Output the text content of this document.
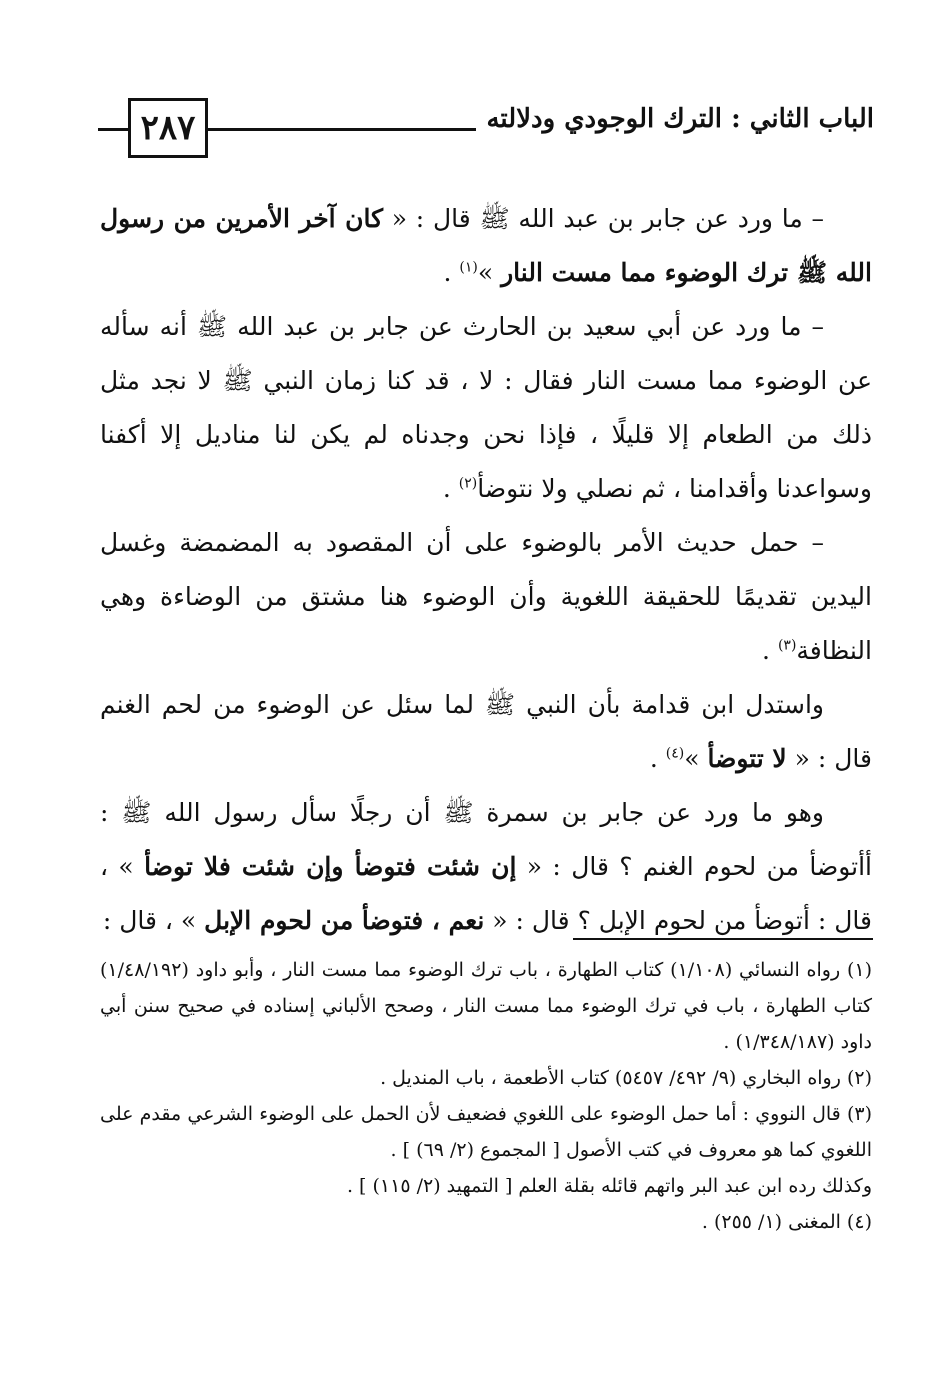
٢٨٧	الباب الثاني : الترك الوجودي ودلالته

– ما ورد عن جابر بن عبد الله ﷺ قال : « كان آخر الأمرين من رسول الله ﷺ ترك الوضوء مما مست النار »$^{(١)}$ .

– ما ورد عن أبي سعيد بن الحارث عن جابر بن عبد الله ﷺ أنه سأله عن الوضوء مما مست النار فقال : لا ، قد كنا زمان النبي ﷺ لا نجد مثل ذلك من الطعام إلا قليلًا ، فإذا نحن وجدناه لم يكن لنا مناديل إلا أكفنا وسواعدنا وأقدامنا ، ثم نصلي ولا نتوضأ$^{(٢)}$ .

– حمل حديث الأمر بالوضوء على أن المقصود به المضمضة وغسل اليدين تقديمًا للحقيقة اللغوية وأن الوضوء هنا مشتق من الوضاءة وهي النظافة$^{(٣)}$ .

واستدل ابن قدامة بأن النبي ﷺ لما سئل عن الوضوء من لحم الغنم قال : « لا تتوضأ »$^{(٤)}$ .

وهو ما ورد عن جابر بن سمرة ﷺ أن رجلًا سأل رسول الله ﷺ : أأتوضأ من لحوم الغنم ؟ قال : « إن شئت فتوضأ وإن شئت فلا توضأ » ، قال : أتوضأ من لحوم الإبل ؟ قال : « نعم ، فتوضأ من لحوم الإبل » ، قال :

(١) رواه النسائي (١/١٠٨) كتاب الطهارة ، باب ترك الوضوء مما مست النار ، وأبو داود (١/٤٨/١٩٢) كتاب الطهارة ، باب في ترك الوضوء مما مست النار ، وصحح الألباني إسناده في صحيح سنن أبي داود (١/٣٤٨/١٨٧) .

(٢) رواه البخاري (٩/ ٤٩٢/ ٥٤٥٧) كتاب الأطعمة ، باب المنديل .

(٣) قال النووي : أما حمل الوضوء على اللغوي فضعيف لأن الحمل على الوضوء الشرعي مقدم على اللغوي كما هو معروف في كتب الأصول [ المجموع (٢/ ٦٩) ] .

وكذلك رده ابن عبد البر واتهم قائله بقلة العلم [ التمهيد (٢/ ١١٥) ] .

(٤) المغنى (١/ ٢٥٥) .
